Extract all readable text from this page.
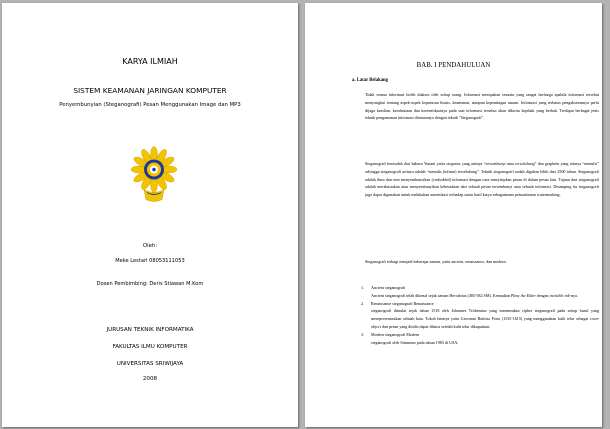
KARYA ILMIAH
SISTEM KEAMANAN JARINGAN KOMPUTER
Penyembunyian (Steganografi) Pesan Menggunakan Image dan MP3
Oleh:
Meke Lestari 08053111053
Dosen Pembimbing: Deris Stiawan M.Kom
JURUSAN TEKNIK INFORMATIKA
FAKULTAS ILMU KOMPUTER
UNIVERSITAS SRIWIJAYA
2008
BAB. I PENDAHULUAN
a. Latar Belakang
Tidak semua informasi boleh diakses oleh setiap orang. Informasi merupakan sesuatu yang sangat berharga apabila informasi tersebut menyangkut tentang aspek-aspek keputusan bisnis, keamanan, ataupun kepentingan umum. Informasi yang terbatas pengaksesannya perlu dijaga keaslian, kerahasiaan dan keotentikasinya pada saat informasi tersebut akan dikirim kepihak yang berhak. Terdapat berbagai jenis teknik pengamanan informasi diantaranya dengan teknik "Steganografi".
Steganografi berasalah dari bahasa Yunani yaitu steganos yang artinya “tersembunyi atau terselubung” dan graphein yang artinya “menulis” sehingga steganografi artinya adalah “menulis (tulisan) terselubung”. Teknik steganografi sudah digukan lebih dari 2500 tahun. Steganografi adalah ilmu dan seni menyembunyikan (embedded) informasi dengan cara menyisipkan pesan di dalam pesan lain. Tujuan dari steganografi adalah merahasiakan atau menyembunyikan keberadaan dari sebuah pesan tersembunyi atau sebuah informasi. Disamping itu steganografi juga dapat digunakan untuk melakukan autentikasi terhadap suatu hasil karya sebagaimana pemanfaatan watermarking.
Steganografi terbagi menjadi beberapa zaman, yaitu ancient, renaissance, dan modern:
1. Ancient steganografi
Ancient steganografi telah dikenal sejak zaman Herodotus (485-582 SM). Kemudian Pliny the Elder dengan invisible ink-nya.
2. Renaissance steganografi Renaissance
steganografi dimulai sejak tahun 1518 oleh Johannes Trithemius yang menemukan cipher steganografi pada setiap huruf yang merepresentasikan sebuah kata. Tokoh lainnya yaitu Giovanni Battista Porta (1535-1615) yang menggunakan kulit telur sebagai cover object dan pesan yang ditulis dapat dibaca setelah kulit telur dikupaskan.
3. Modern steganografi Modern
steganografi oleh Simmons pada tahun 1983 di USA.
